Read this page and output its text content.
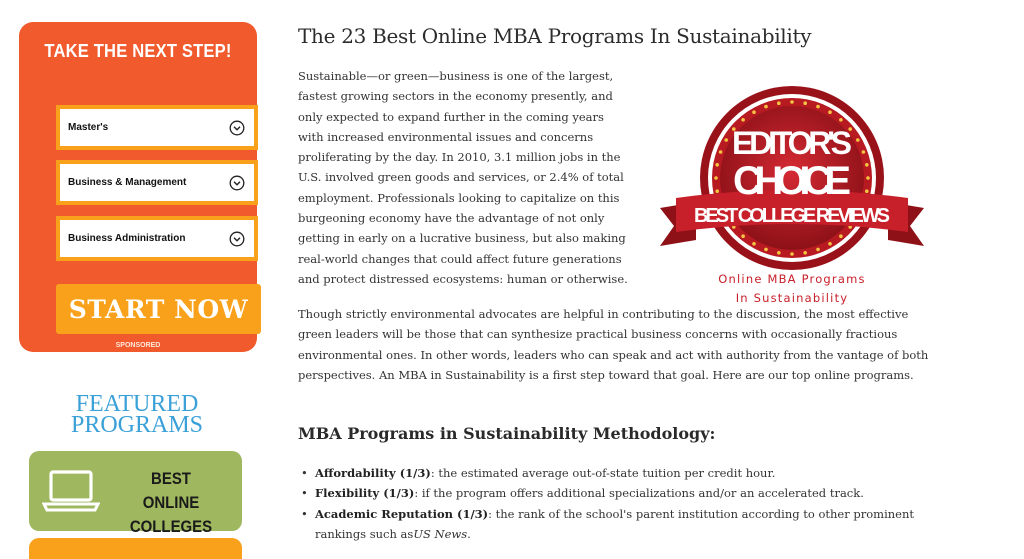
TAKE THE NEXT STEP!
Master's
Business & Management
Business Administration
START NOW
SPONSORED
FEATURED
PROGRAMS
BEST ONLINE
COLLEGES
The 23 Best Online MBA Programs In Sustainability

Sustainable—or green—business is one of the largest, fastest growing sectors in the economy presently, and only expected to expand further in the coming years with increased environmental issues and concerns proliferating by the day. In 2010, 3.1 million jobs in the U.S. involved green goods and services, or 2.4% of total employment. Professionals looking to capitalize on this burgeoning economy have the advantage of not only getting in early on a lucrative business, but also making real-world changes that could affect future generations and protect distressed ecosystems: human or otherwise.

EDITOR'S
CHOICE
BEST COLLEGE REVIEWS
Online MBA Programs
In Sustainability

Though strictly environmental advocates are helpful in contributing to the discussion, the most effective green leaders will be those that can synthesize practical business concerns with occasionally fractious environmental ones. In other words, leaders who can speak and act with authority from the vantage of both perspectives. An MBA in Sustainability is a first step toward that goal. Here are our top online programs.

MBA Programs in Sustainability Methodology:
• Affordability (1/3): the estimated average out-of-state tuition per credit hour.
• Flexibility (1/3): if the program offers additional specializations and/or an accelerated track.
• Academic Reputation (1/3): the rank of the school's parent institution according to other prominent rankings such asUS News.
